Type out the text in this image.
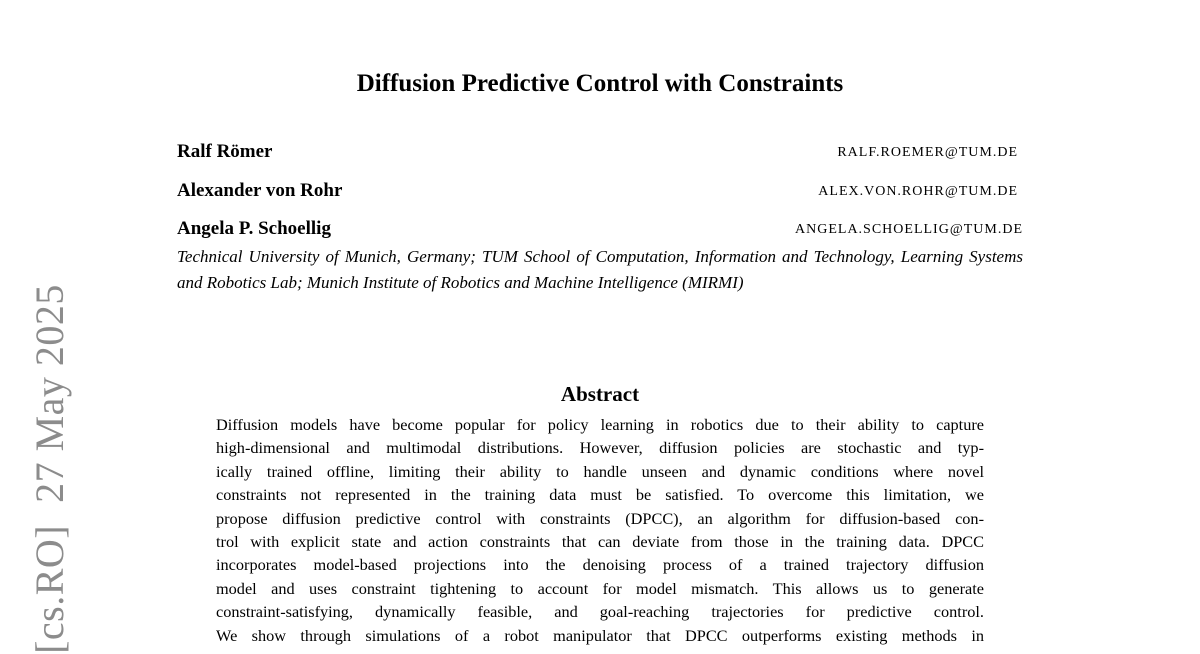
[cs.RO]27 May 2025
Diffusion Predictive Control with Constraints
Ralf Römer	RALF.ROEMER@TUM.DE
Alexander von Rohr	ALEX.VON.ROHR@TUM.DE
Angela P. Schoellig	ANGELA.SCHOELLIG@TUM.DE

Technical University of Munich, Germany; TUM School of Computation, Information and Technology, Learning Systems and Robotics Lab; Munich Institute of Robotics and Machine Intelligence (MIRMI)

Abstract
Diffusion models have become popular for policy learning in robotics due to their ability to capture
high-dimensional and multimodal distributions. However, diffusion policies are stochastic and typ-
ically trained offline, limiting their ability to handle unseen and dynamic conditions where novel
constraints not represented in the training data must be satisfied. To overcome this limitation, we
propose diffusion predictive control with constraints (DPCC), an algorithm for diffusion-based con-
trol with explicit state and action constraints that can deviate from those in the training data. DPCC
incorporates model-based projections into the denoising process of a trained trajectory diffusion
model and uses constraint tightening to account for model mismatch. This allows us to generate
constraint-satisfying, dynamically feasible, and goal-reaching trajectories for predictive control.
We show through simulations of a robot manipulator that DPCC outperforms existing methods in
